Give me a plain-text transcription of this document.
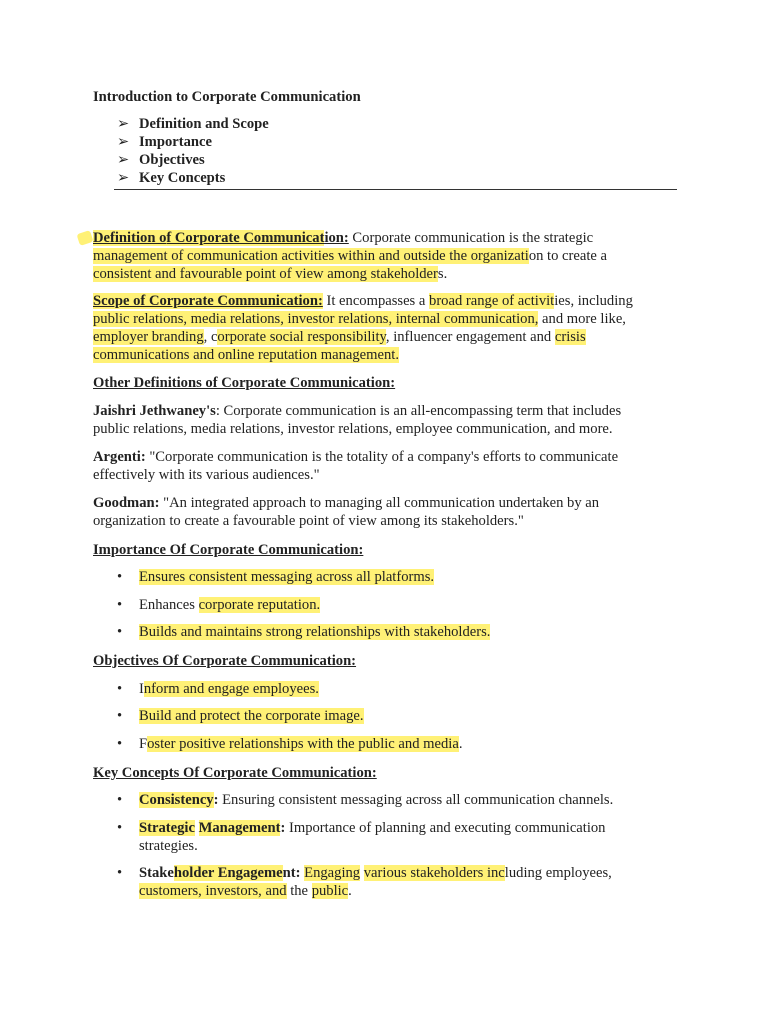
Introduction to Corporate Communication
➢ Definition and Scope
➢ Importance
➢ Objectives
➢ Key Concepts
Definition of Corporate Communication: Corporate communication is the strategic
management of communication activities within and outside the organization to create a
consistent and favourable point of view among stakeholders.
Scope of Corporate Communication: It encompasses a broad range of activities, including
public relations, media relations, investor relations, internal communication, and more like,
employer branding, corporate social responsibility, influencer engagement and crisis
communications and online reputation management.
Other Definitions of Corporate Communication:
Jaishri Jethwaney's: Corporate communication is an all-encompassing term that includes
public relations, media relations, investor relations, employee communication, and more.
Argenti: "Corporate communication is the totality of a company's efforts to communicate
effectively with its various audiences."
Goodman: "An integrated approach to managing all communication undertaken by an
organization to create a favourable point of view among its stakeholders."
Importance Of Corporate Communication:
• Ensures consistent messaging across all platforms.
• Enhances corporate reputation.
• Builds and maintains strong relationships with stakeholders.
Objectives Of Corporate Communication:
• Inform and engage employees.
• Build and protect the corporate image.
• Foster positive relationships with the public and media.
Key Concepts Of Corporate Communication:
• Consistency: Ensuring consistent messaging across all communication channels.
• Strategic Management: Importance of planning and executing communication
strategies.
• Stakeholder Engagement: Engaging various stakeholders including employees,
customers, investors, and the public.
